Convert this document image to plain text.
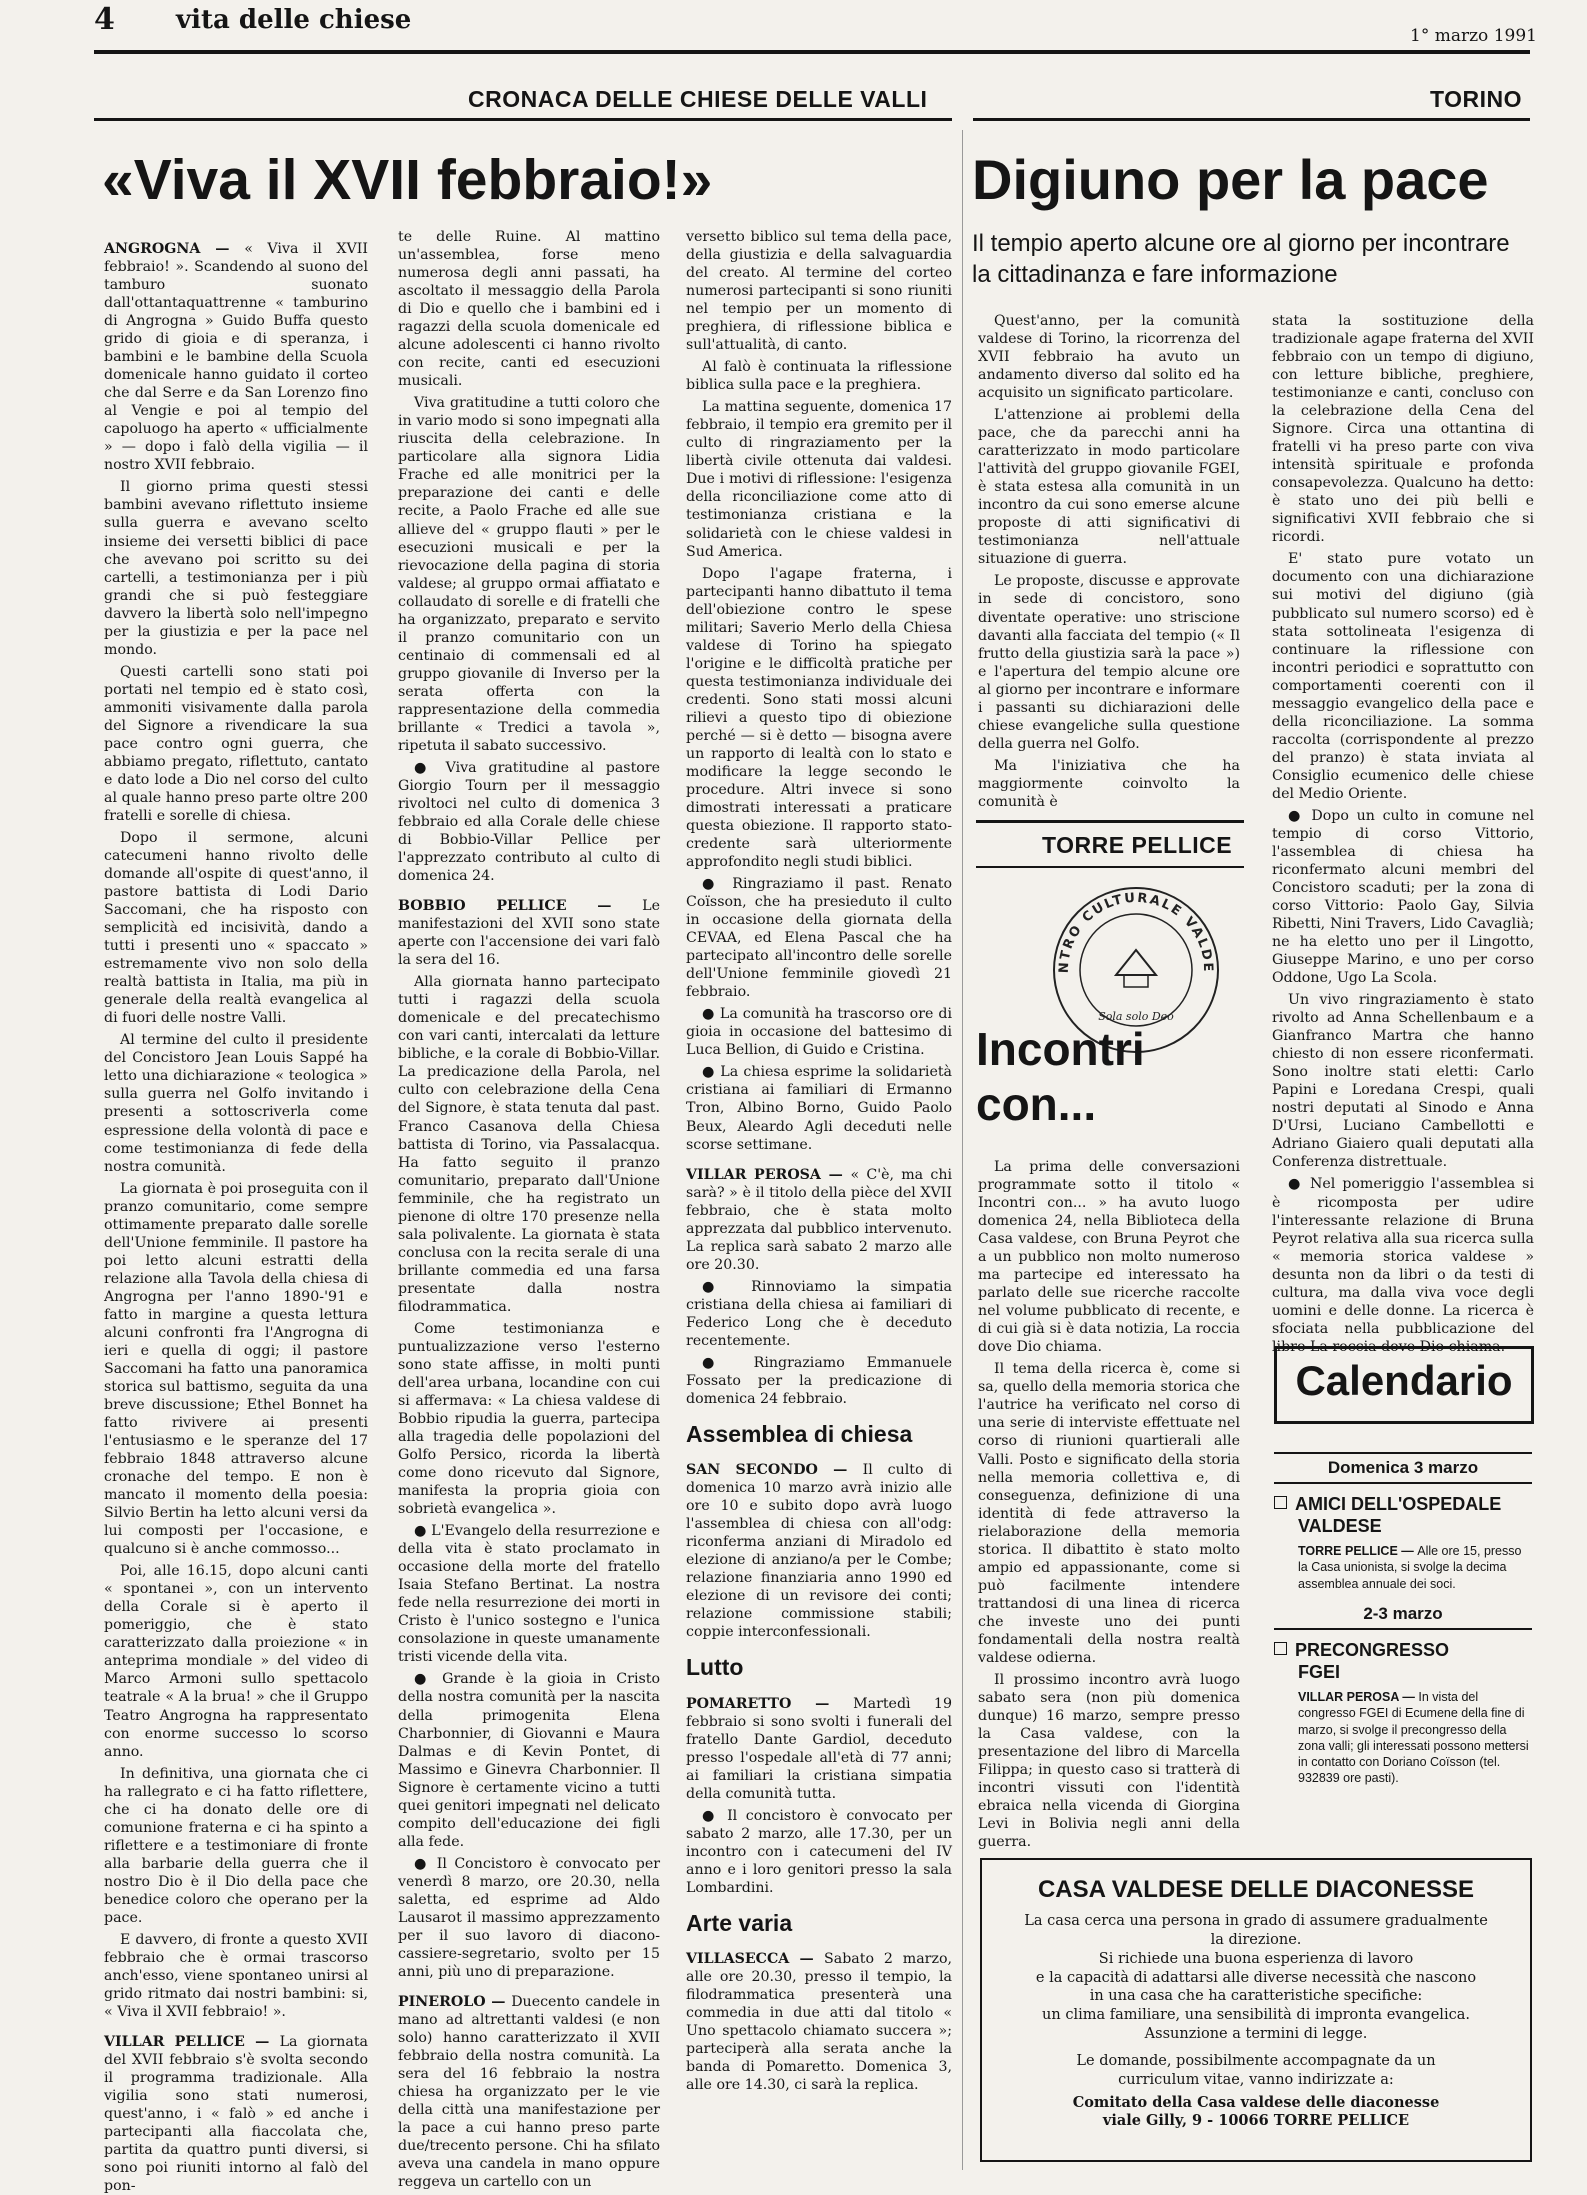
4 vita delle chiese
1° marzo 1991
CRONACA DELLE CHIESE DELLE VALLI	TORINO
«Viva il XVII febbraio!»	Digiuno per la pace
Il tempio aperto alcune ore al giorno per incontrare la cittadinanza e fare informazione

ANGROGNA — « Viva il XVII febbraio! ». Scandendo al suono del tamburo suonato dall'ottantaquattrenne « tamburino di Angrogna » Guido Buffa questo grido di gioia e di speranza, i bambini e le bambine della Scuola domenicale hanno guidato il corteo che dal Serre e da San Lorenzo fino al Vengie e poi al tempio del capoluogo ha aperto « ufficialmente » — dopo i falò della vigilia — il nostro XVII febbraio.

Il giorno prima questi stessi bambini avevano riflettuto insieme sulla guerra e avevano scelto insieme dei versetti biblici di pace che avevano poi scritto su dei cartelli, a testimonianza per i più grandi che si può festeggiare davvero la libertà solo nell'impegno per la giustizia e per la pace nel mondo.

Questi cartelli sono stati poi portati nel tempio ed è stato così, ammoniti visivamente dalla parola del Signore a rivendicare la sua pace contro ogni guerra, che abbiamo pregato, riflettuto, cantato e dato lode a Dio nel corso del culto al quale hanno preso parte oltre 200 fratelli e sorelle di chiesa.

Dopo il sermone, alcuni catecumeni hanno rivolto delle domande all'ospite di quest'anno, il pastore battista di Lodi Dario Saccomani, che ha risposto con semplicità ed incisività, dando a tutti i presenti uno « spaccato » estremamente vivo non solo della realtà battista in Italia, ma più in generale della realtà evangelica al di fuori delle nostre Valli.

Al termine del culto il presidente del Concistoro Jean Louis Sappé ha letto una dichiarazione « teologica » sulla guerra nel Golfo invitando i presenti a sottoscriverla come espressione della volontà di pace e come testimonianza di fede della nostra comunità.

La giornata è poi proseguita con il pranzo comunitario, come sempre ottimamente preparato dalle sorelle dell'Unione femminile. Il pastore ha poi letto alcuni estratti della relazione alla Tavola della chiesa di Angrogna per l'anno 1890-'91 e fatto in margine a questa lettura alcuni confronti fra l'Angrogna di ieri e quella di oggi; il pastore Saccomani ha fatto una panoramica storica sul battismo, seguita da una breve discussione; Ethel Bonnet ha fatto rivivere ai presenti l'entusiasmo e le speranze del 17 febbraio 1848 attraverso alcune cronache del tempo. E non è mancato il momento della poesia: Silvio Bertin ha letto alcuni versi da lui composti per l'occasione, e qualcuno si è anche commosso...

Poi, alle 16.15, dopo alcuni canti « spontanei », con un intervento della Corale si è aperto il pomeriggio, che è stato caratterizzato dalla proiezione « in anteprima mondiale » del video di Marco Armoni sullo spettacolo teatrale « A la brua! » che il Gruppo Teatro Angrogna ha rappresentato con enorme successo lo scorso anno.

In definitiva, una giornata che ci ha rallegrato e ci ha fatto riflettere, che ci ha donato delle ore di comunione fraterna e ci ha spinto a riflettere e a testimoniare di fronte alla barbarie della guerra che il nostro Dio è il Dio della pace che benedice coloro che operano per la pace.

E davvero, di fronte a questo XVII febbraio che è ormai trascorso anch'esso, viene spontaneo unirsi al grido ritmato dai nostri bambini: si, « Viva il XVII febbraio! ».

VILLAR PELLICE — La giornata del XVII febbraio s'è svolta secondo il programma tradizionale. Alla vigilia sono stati numerosi, quest'anno, i « falò » ed anche i partecipanti alla fiaccolata che, partita da quattro punti diversi, si sono poi riuniti intorno al falò del pon-

te delle Ruine. Al mattino un'assemblea, forse meno numerosa degli anni passati, ha ascoltato il messaggio della Parola di Dio e quello che i bambini ed i ragazzi della scuola domenicale ed alcune adolescenti ci hanno rivolto con recite, canti ed esecuzioni musicali.

Viva gratitudine a tutti coloro che in vario modo si sono impegnati alla riuscita della celebrazione. In particolare alla signora Lidia Frache ed alle monitrici per la preparazione dei canti e delle recite, a Paolo Frache ed alle sue allieve del « gruppo flauti » per le esecuzioni musicali e per la rievocazione della pagina di storia valdese; al gruppo ormai affiatato e collaudato di sorelle e di fratelli che ha organizzato, preparato e servito il pranzo comunitario con un centinaio di commensali ed al gruppo giovanile di Inverso per la serata offerta con la rappresentazione della commedia brillante « Tredici a tavola », ripetuta il sabato successivo.

● Viva gratitudine al pastore Giorgio Tourn per il messaggio rivoltoci nel culto di domenica 3 febbraio ed alla Corale delle chiese di Bobbio-Villar Pellice per l'apprezzato contributo al culto di domenica 24.

BOBBIO PELLICE — Le manifestazioni del XVII sono state aperte con l'accensione dei vari falò la sera del 16.

Alla giornata hanno partecipato tutti i ragazzi della scuola domenicale e del precatechismo con vari canti, intercalati da letture bibliche, e la corale di Bobbio-Villar. La predicazione della Parola, nel culto con celebrazione della Cena del Signore, è stata tenuta dal past. Franco Casanova della Chiesa battista di Torino, via Passalacqua. Ha fatto seguito il pranzo comunitario, preparato dall'Unione femminile, che ha registrato un pienone di oltre 170 presenze nella sala polivalente. La giornata è stata conclusa con la recita serale di una brillante commedia ed una farsa presentate dalla nostra filodrammatica.

Come testimonianza e puntualizzazione verso l'esterno sono state affisse, in molti punti dell'area urbana, locandine con cui si affermava: « La chiesa valdese di Bobbio ripudia la guerra, partecipa alla tragedia delle popolazioni del Golfo Persico, ricorda la libertà come dono ricevuto dal Signore, manifesta la propria gioia con sobrietà evangelica ».

● L'Evangelo della resurrezione e della vita è stato proclamato in occasione della morte del fratello Isaia Stefano Bertinat. La nostra fede nella resurrezione dei morti in Cristo è l'unico sostegno e l'unica consolazione in queste umanamente tristi vicende della vita.

● Grande è la gioia in Cristo della nostra comunità per la nascita della primogenita Elena Charbonnier, di Giovanni e Maura Dalmas e di Kevin Pontet, di Massimo e Ginevra Charbonnier. Il Signore è certamente vicino a tutti quei genitori impegnati nel delicato compito dell'educazione dei figli alla fede.

● Il Concistoro è convocato per venerdì 8 marzo, ore 20.30, nella saletta, ed esprime ad Aldo Lausarot il massimo apprezzamento per il suo lavoro di diacono-cassiere-segretario, svolto per 15 anni, più uno di preparazione.

PINEROLO — Duecento candele in mano ad altrettanti valdesi (e non solo) hanno caratterizzato il XVII febbraio della nostra comunità. La sera del 16 febbraio la nostra chiesa ha organizzato per le vie della città una manifestazione per la pace a cui hanno preso parte due/trecento persone. Chi ha sfilato aveva una candela in mano oppure reggeva un cartello con un

versetto biblico sul tema della pace, della giustizia e della salvaguardia del creato. Al termine del corteo numerosi partecipanti si sono riuniti nel tempio per un momento di preghiera, di riflessione biblica e sull'attualità, di canto.

Al falò è continuata la riflessione biblica sulla pace e la preghiera.

La mattina seguente, domenica 17 febbraio, il tempio era gremito per il culto di ringraziamento per la libertà civile ottenuta dai valdesi. Due i motivi di riflessione: l'esigenza della riconciliazione come atto di testimonianza cristiana e la solidarietà con le chiese valdesi in Sud America.

Dopo l'agape fraterna, i partecipanti hanno dibattuto il tema dell'obiezione contro le spese militari; Saverio Merlo della Chiesa valdese di Torino ha spiegato l'origine e le difficoltà pratiche per questa testimonianza individuale dei credenti. Sono stati mossi alcuni rilievi a questo tipo di obiezione perché — si è detto — bisogna avere un rapporto di lealtà con lo stato e modificare la legge secondo le procedure. Altri invece si sono dimostrati interessati a praticare questa obiezione. Il rapporto stato-credente sarà ulteriormente approfondito negli studi biblici.

● Ringraziamo il past. Renato Coïsson, che ha presieduto il culto in occasione della giornata della CEVAA, ed Elena Pascal che ha partecipato all'incontro delle sorelle dell'Unione femminile giovedì 21 febbraio.

● La comunità ha trascorso ore di gioia in occasione del battesimo di Luca Bellion, di Guido e Cristina.

● La chiesa esprime la solidarietà cristiana ai familiari di Ermanno Tron, Albino Borno, Guido Paolo Beux, Aleardo Agli deceduti nelle scorse settimane.

VILLAR PEROSA — « C'è, ma chi sarà? » è il titolo della pièce del XVII febbraio, che è stata molto apprezzata dal pubblico intervenuto. La replica sarà sabato 2 marzo alle ore 20.30.

● Rinnoviamo la simpatia cristiana della chiesa ai familiari di Federico Long che è deceduto recentemente.

● Ringraziamo Emmanuele Fossato per la predicazione di domenica 24 febbraio.

Assemblea di chiesa

SAN SECONDO — Il culto di domenica 10 marzo avrà inizio alle ore 10 e subito dopo avrà luogo l'assemblea di chiesa con all'odg: riconferma anziani di Miradolo ed elezione di anziano/a per le Combe; relazione finanziaria anno 1990 ed elezione di un revisore dei conti; relazione commissione stabili; coppie interconfessionali.

Lutto

POMARETTO — Martedì 19 febbraio si sono svolti i funerali del fratello Dante Gardiol, deceduto presso l'ospedale all'età di 77 anni; ai familiari la cristiana simpatia della comunità tutta.

● Il concistoro è convocato per sabato 2 marzo, alle 17.30, per un incontro con i catecumeni del IV anno e i loro genitori presso la sala Lombardini.

Arte varia

VILLASECCA — Sabato 2 marzo, alle ore 20.30, presso il tempio, la filodrammatica presenterà una commedia in due atti dal titolo « Uno spettacolo chiamato succera »; parteciperà alla serata anche la banda di Pomaretto. Domenica 3, alle ore 14.30, ci sarà la replica.

Quest'anno, per la comunità valdese di Torino, la ricorrenza del XVII febbraio ha avuto un andamento diverso dal solito ed ha acquisito un significato particolare.

L'attenzione ai problemi della pace, che da parecchi anni ha caratterizzato in modo particolare l'attività del gruppo giovanile FGEI, è stata estesa alla comunità in un incontro da cui sono emerse alcune proposte di atti significativi di testimonianza nell'attuale situazione di guerra.

Le proposte, discusse e approvate in sede di concistoro, sono diventate operative: uno striscione davanti alla facciata del tempio (« Il frutto della giustizia sarà la pace ») e l'apertura del tempio alcune ore al giorno per incontrare e informare i passanti su dichiarazioni delle chiese evangeliche sulla questione della guerra nel Golfo.

Ma l'iniziativa che ha maggiormente coinvolto la comunità è

stata la sostituzione della tradizionale agape fraterna del XVII febbraio con un tempo di digiuno, con letture bibliche, preghiere, testimonianze e canti, concluso con la celebrazione della Cena del Signore. Circa una ottantina di fratelli vi ha preso parte con viva intensità spirituale e profonda consapevolezza. Qualcuno ha detto: è stato uno dei più belli e significativi XVII febbraio che si ricordi.

E' stato pure votato un documento con una dichiarazione sui motivi del digiuno (già pubblicato sul numero scorso) ed è stata sottolineata l'esigenza di continuare la riflessione con incontri periodici e soprattutto con comportamenti coerenti con il messaggio evangelico della pace e della riconciliazione. La somma raccolta (corrispondente al prezzo del pranzo) è stata inviata al Consiglio ecumenico delle chiese del Medio Oriente.

● Dopo un culto in comune nel tempio di corso Vittorio, l'assemblea di chiesa ha riconfermato alcuni membri del Concistoro scaduti; per la zona di corso Vittorio: Paolo Gay, Silvia Ribetti, Nini Travers, Lido Cavaglià; ne ha eletto uno per il Lingotto, Giuseppe Marino, e uno per corso Oddone, Ugo La Scola.

Un vivo ringraziamento è stato rivolto ad Anna Schellenbaum e a Gianfranco Martra che hanno chiesto di non essere riconfermati. Sono inoltre stati eletti: Carlo Papini e Loredana Crespi, quali nostri deputati al Sinodo e Anna D'Ursi, Luciano Cambellotti e Adriano Giaiero quali deputati alla Conferenza distrettuale.

● Nel pomeriggio l'assemblea si è ricomposta per udire l'interessante relazione di Bruna Peyrot relativa alla sua ricerca sulla « memoria storica valdese » desunta non da libri o da testi di cultura, ma dalla viva voce degli uomini e delle donne. La ricerca è sfociata nella pubblicazione del libro La roccia dove Dio chiama.

TORRE PELLICE
NTRO CULTURALE VALDE
Sola solo Deo
Incontri
con...

La prima delle conversazioni programmate sotto il titolo « Incontri con... » ha avuto luogo domenica 24, nella Biblioteca della Casa valdese, con Bruna Peyrot che a un pubblico non molto numeroso ma partecipe ed interessato ha parlato delle sue ricerche raccolte nel volume pubblicato di recente, e di cui già si è data notizia, La roccia dove Dio chiama.

Il tema della ricerca è, come si sa, quello della memoria storica che l'autrice ha verificato nel corso di una serie di interviste effettuate nel corso di riunioni quartierali alle Valli. Posto e significato della storia nella memoria collettiva e, di conseguenza, definizione di una identità di fede attraverso la rielaborazione della memoria storica. Il dibattito è stato molto ampio ed appassionante, come si può facilmente intendere trattandosi di una linea di ricerca che investe uno dei punti fondamentali della nostra realtà valdese odierna.

Il prossimo incontro avrà luogo sabato sera (non più domenica dunque) 16 marzo, sempre presso la Casa valdese, con la presentazione del libro di Marcella Filippa; in questo caso si tratterà di incontri vissuti con l'identità ebraica nella vicenda di Giorgina Levi in Bolivia negli anni della guerra.

Calendario
Domenica 3 marzo
AMICI DELL'OSPEDALE
VALDESE
TORRE PELLICE — Alle ore 15, presso la Casa unionista, si svolge la decima assemblea annuale dei soci.
2-3 marzo
PRECONGRESSO
FGEI
VILLAR PEROSA — In vista del congresso FGEI di Ecumene della fine di marzo, si svolge il precongresso della zona valli; gli interessati possono mettersi in contatto con Doriano Coïsson (tel. 932839 ore pasti).
CASA VALDESE DELLE DIACONESSE
La casa cerca una persona in grado di assumere gradualmente
la direzione.
Si richiede una buona esperienza di lavoro
e la capacità di adattarsi alle diverse necessità che nascono
in una casa che ha caratteristiche specifiche:
un clima familiare, una sensibilità di impronta evangelica.
Assunzione a termini di legge.
Le domande, possibilmente accompagnate da un
curriculum vitae, vanno indirizzate a:
Comitato della Casa valdese delle diaconesse
viale Gilly, 9 - 10066 TORRE PELLICE
